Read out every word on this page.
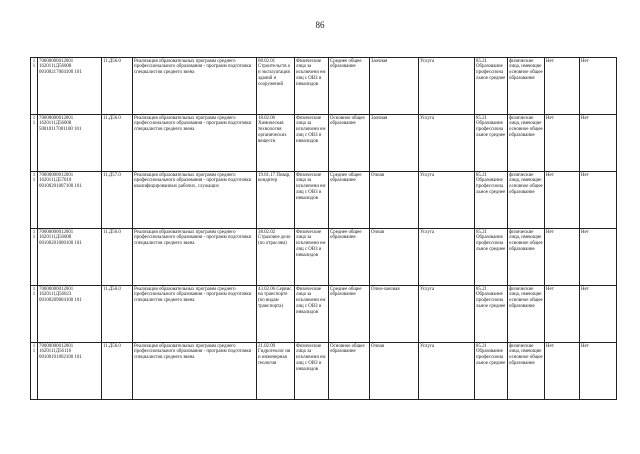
86
11	70000000012001 1620111Д56008 00100217004100 101	11.Д56.0	Реализация образовательных программ среднего профессионального образования - программ подготовки специалистов среднего звена	08.02.01 Строительств о и эксплуатация зданий и сооружений	Физические лица за исключени ем лиц с ОВЗ и инвалидов	Среднее общее образование	Заочная	Услуга	85.21 Образование профессиона льное среднее	физические лица, имеющие основное общее образование	Нет	Нет
11	70000000012001 1620111Д56008 50010117001100 101	11.Д56.0	Реализация образовательных программ среднего профессионального образования - программ подготовки специалистов среднего звена	18.02.06 Химическая технология органических веществ	Физические лица за исключени ем лиц с ОВЗ и инвалидов	Основное общее образование	Заочная	Услуга	85.21 Образование профессиона льное среднее	физические лица, имеющие основное общее образование	Нет	Нет
11	70000000012001 1620111Д57010 00100201007100 101	11.Д57.0	Реализация образовательных программ среднего профессионального образования - программ подготовки квалифицированных рабочих, служащих	19.01.17 Повар, кондитер	Физические лица за исключени ем лиц с ОВЗ и инвалидов	Среднее общее образование	Очная	Услуга	85.21 Образование профессиона льное среднее	физические лица, имеющие основное общее образование	Нет	Нет
11	70000000012001 1620111Д56008 00100201000100 101	11.Д56.0	Реализация образовательных программ среднего профессионального образования - программ подготовки специалистов среднего звена	38.02.02 Страховое дело (по отраслям)	Физические лица за исключени ем лиц с ОВЗ и инвалидов	Среднее общее образование	Очная	Услуга	85.21 Образование профессиона льное среднее	физические лица, имеющие основное общее образование	Нет	Нет
11	70000000012001 1620111Д56023 00100209004100 101	11.Д56.0	Реализация образовательных программ среднего профессионального образования - программ подготовки специалистов среднего звена	43.02.06 Сервис на транспорте (по видам транспорта)	Физические лица за исключени ем лиц с ОВЗ и инвалидов	Среднее общее образование	Очно-заочная	Услуга	85.21 Образование профессиона льное среднее	физические лица, имеющие основное общее образование	Нет	Нет
11	70000000012001 1620111Д56116 00100101002100 101	11.Д56.0	Реализация образовательных программ среднего профессионального образования - программ подготовки специалистов среднего звена	21.02.09 Гидрогеолог ия и инженерная геология	Физические лица за исключени ем лиц с ОВЗ и инвалидов	Основное общее образование	Очная	Услуга	85.21 Образование профессиона льное среднее	физические лица, имеющие основное общее образование	Нет	Нет
